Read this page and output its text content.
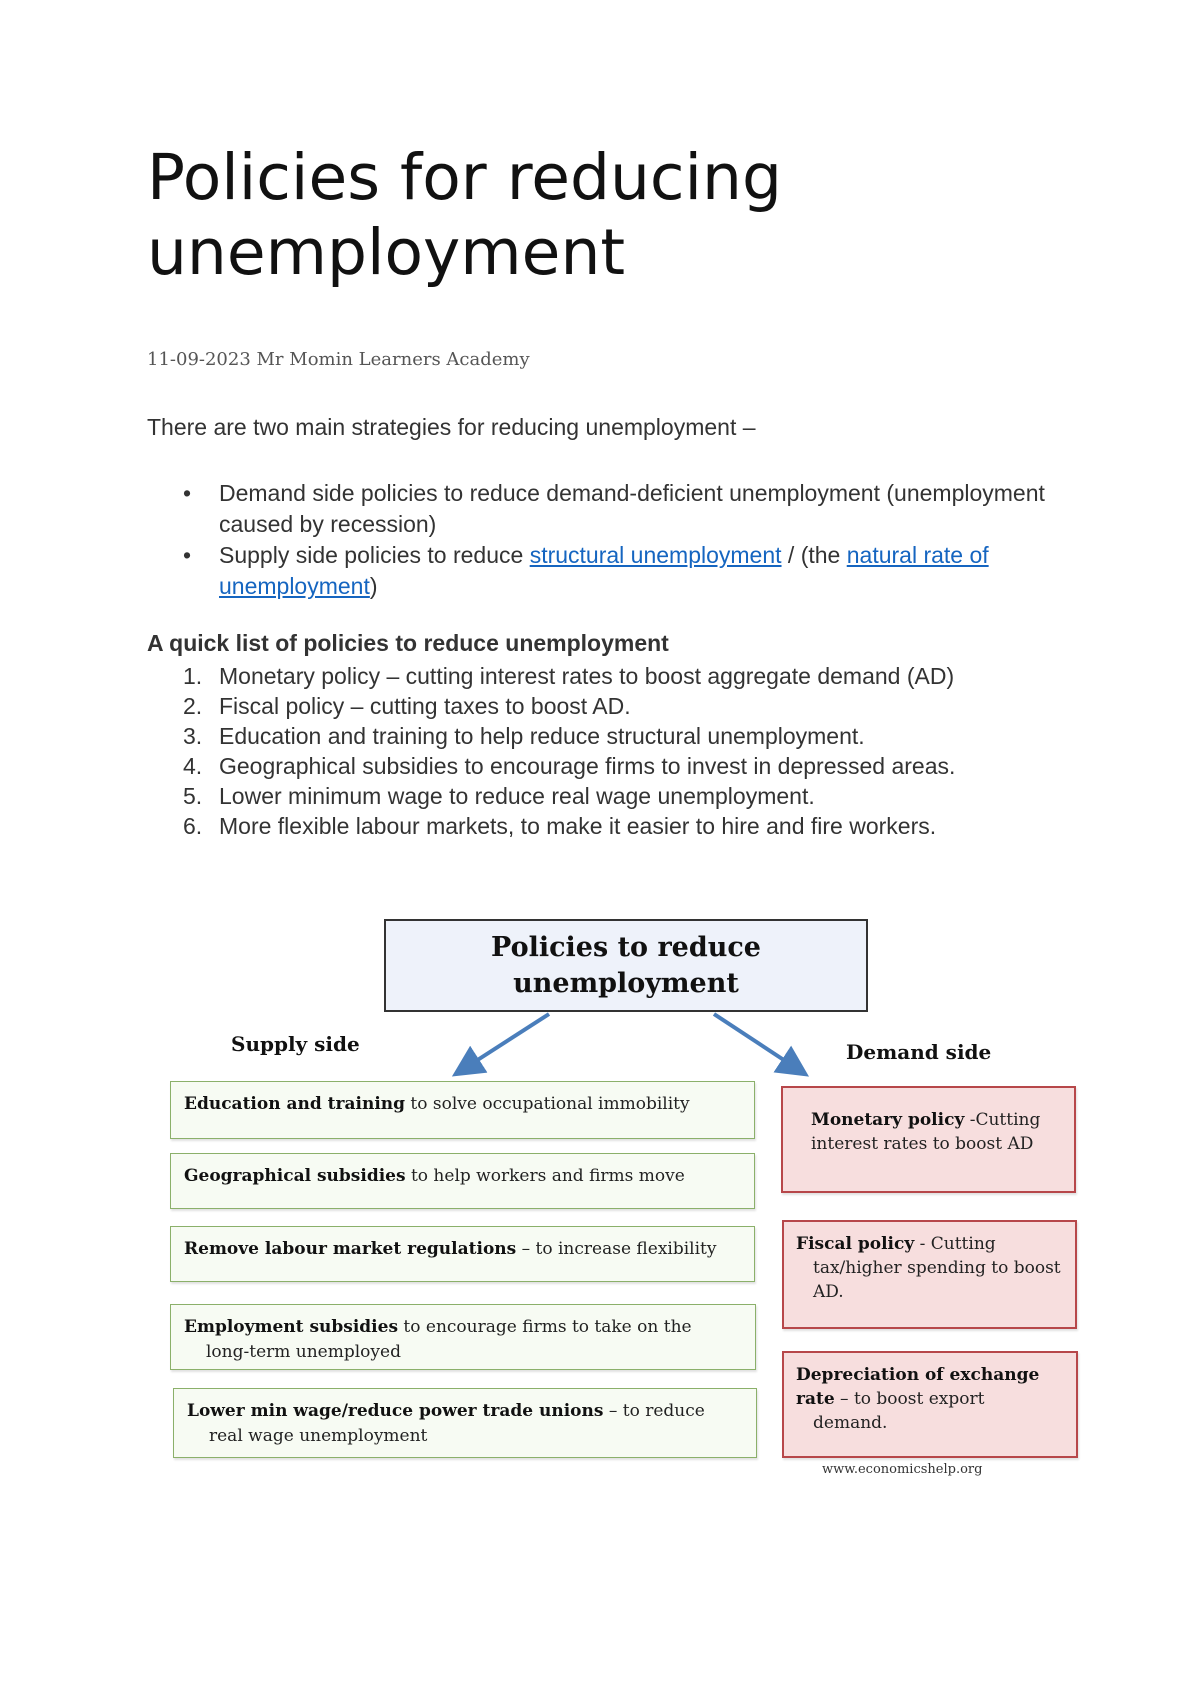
Policies for reducing unemployment
11-09-2023 Mr Momin Learners Academy
There are two main strategies for reducing unemployment –
• Demand side policies to reduce demand-deficient unemployment (unemployment caused by recession)
• Supply side policies to reduce structural unemployment / (the natural rate of unemployment)
A quick list of policies to reduce unemployment
1. Monetary policy – cutting interest rates to boost aggregate demand (AD)
2. Fiscal policy – cutting taxes to boost AD.
3. Education and training to help reduce structural unemployment.
4. Geographical subsidies to encourage firms to invest in depressed areas.
5. Lower minimum wage to reduce real wage unemployment.
6. More flexible labour markets, to make it easier to hire and fire workers.
Policies to reduce unemployment
Supply side	Demand side
Education and training to solve occupational immobility
Geographical subsidies to help workers and firms move
Remove labour market regulations – to increase flexibility
Employment subsidies to encourage firms to take on the
long-term unemployed
Lower min wage/reduce power trade unions – to reduce
real wage unemployment
Monetary policy -Cutting interest rates to boost AD
Fiscal policy - Cutting
tax/higher spending to boost AD.
Depreciation of exchange rate – to boost export
demand.
www.economicshelp.org
